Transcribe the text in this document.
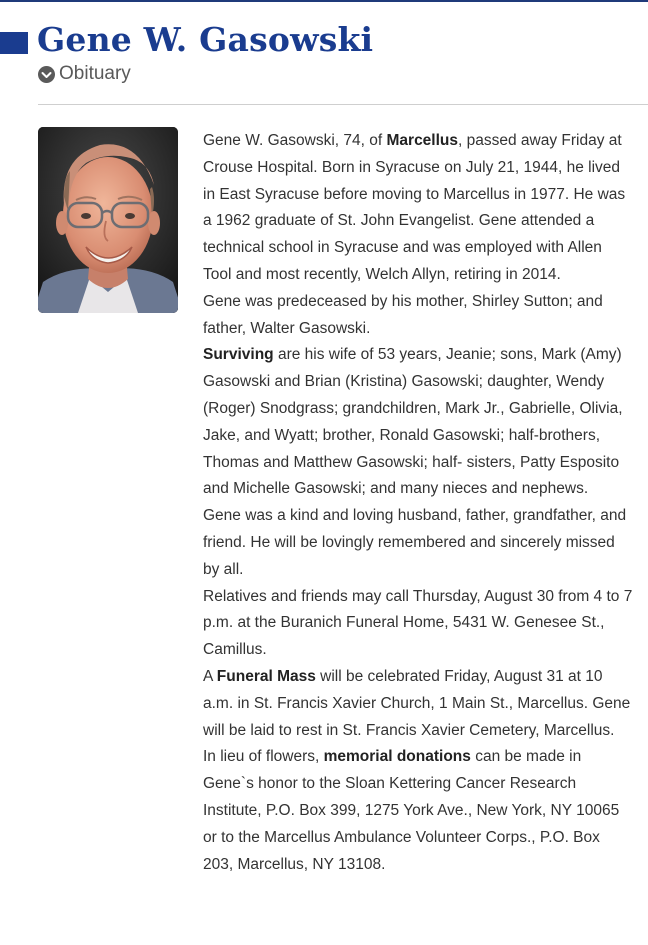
Gene W. Gasowski
Obituary

Gene W. Gasowski, 74, of Marcellus, passed away Friday at Crouse Hospital. Born in Syracuse on July 21, 1944, he lived in East Syracuse before moving to Marcellus in 1977. He was a 1962 graduate of St. John Evangelist. Gene attended a technical school in Syracuse and was employed with Allen Tool and most recently, Welch Allyn, retiring in 2014.

Gene was predeceased by his mother, Shirley Sutton; and father, Walter Gasowski.

Surviving are his wife of 53 years, Jeanie; sons, Mark (Amy) Gasowski and Brian (Kristina) Gasowski; daughter, Wendy (Roger) Snodgrass; grandchildren, Mark Jr., Gabrielle, Olivia, Jake, and Wyatt; brother, Ronald Gasowski; half-brothers, Thomas and Matthew Gasowski; half- sisters, Patty Esposito and Michelle Gasowski; and many nieces and nephews.

Gene was a kind and loving husband, father, grandfather, and friend. He will be lovingly remembered and sincerely missed by all.

Relatives and friends may call Thursday, August 30 from 4 to 7 p.m. at the Buranich Funeral Home, 5431 W. Genesee St., Camillus.

A Funeral Mass will be celebrated Friday, August 31 at 10 a.m. in St. Francis Xavier Church, 1 Main St., Marcellus. Gene will be laid to rest in St. Francis Xavier Cemetery, Marcellus.

In lieu of flowers, memorial donations can be made in Gene`s honor to the Sloan Kettering Cancer Research Institute, P.O. Box 399, 1275 York Ave., New York, NY 10065 or to the Marcellus Ambulance Volunteer Corps., P.O. Box 203, Marcellus, NY 13108.
